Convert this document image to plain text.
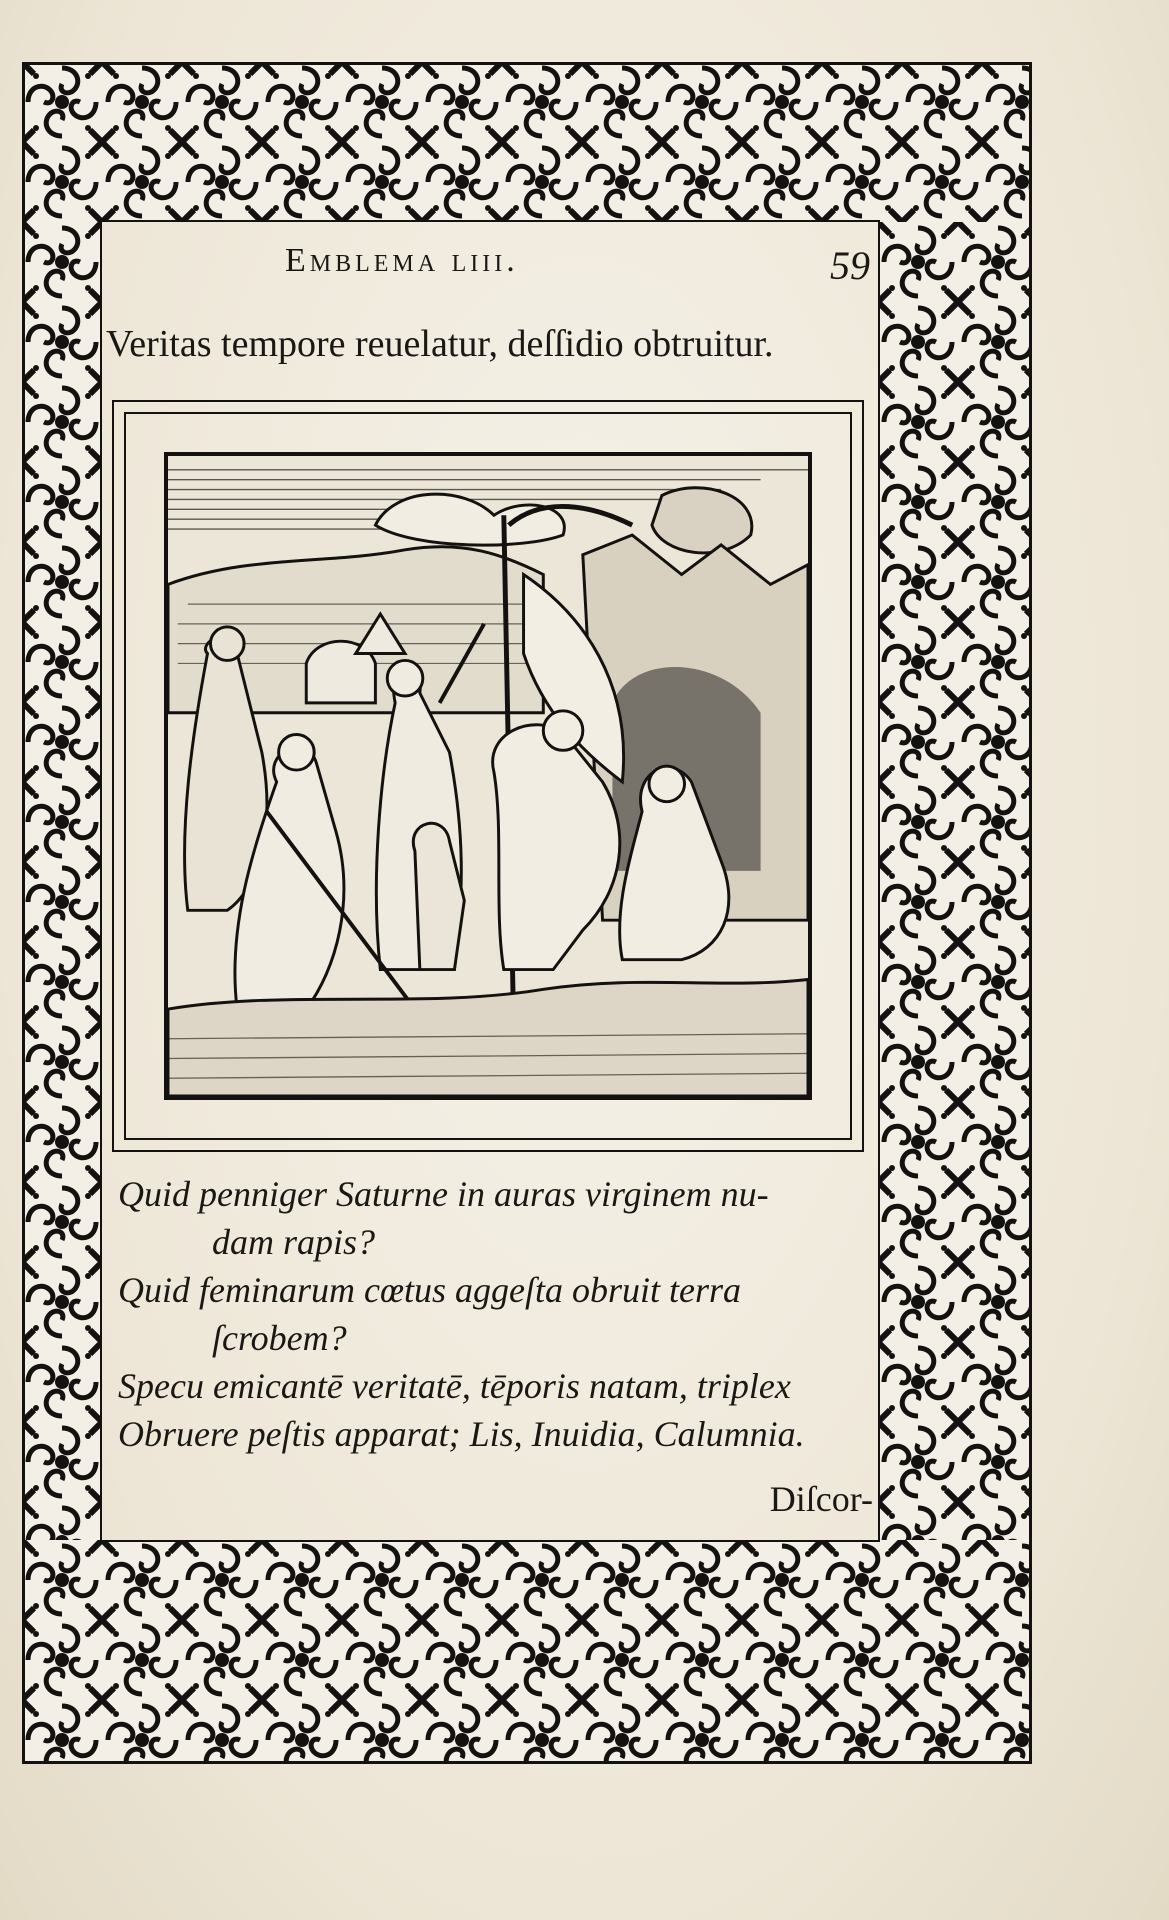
Emblema liii.	59
Veritas tempore reuelatur, deſſidio obtruitur.
Quid penniger Saturne in auras virginem nu-
dam rapis?
Quid feminarum cœtus aggeſta obruit terra
ſcrobem?
Specu emicantē veritatē, tēporis natam, triplex
Obruere peſtis apparat; Lis, Inuidia, Calumnia.
Diſcor-
